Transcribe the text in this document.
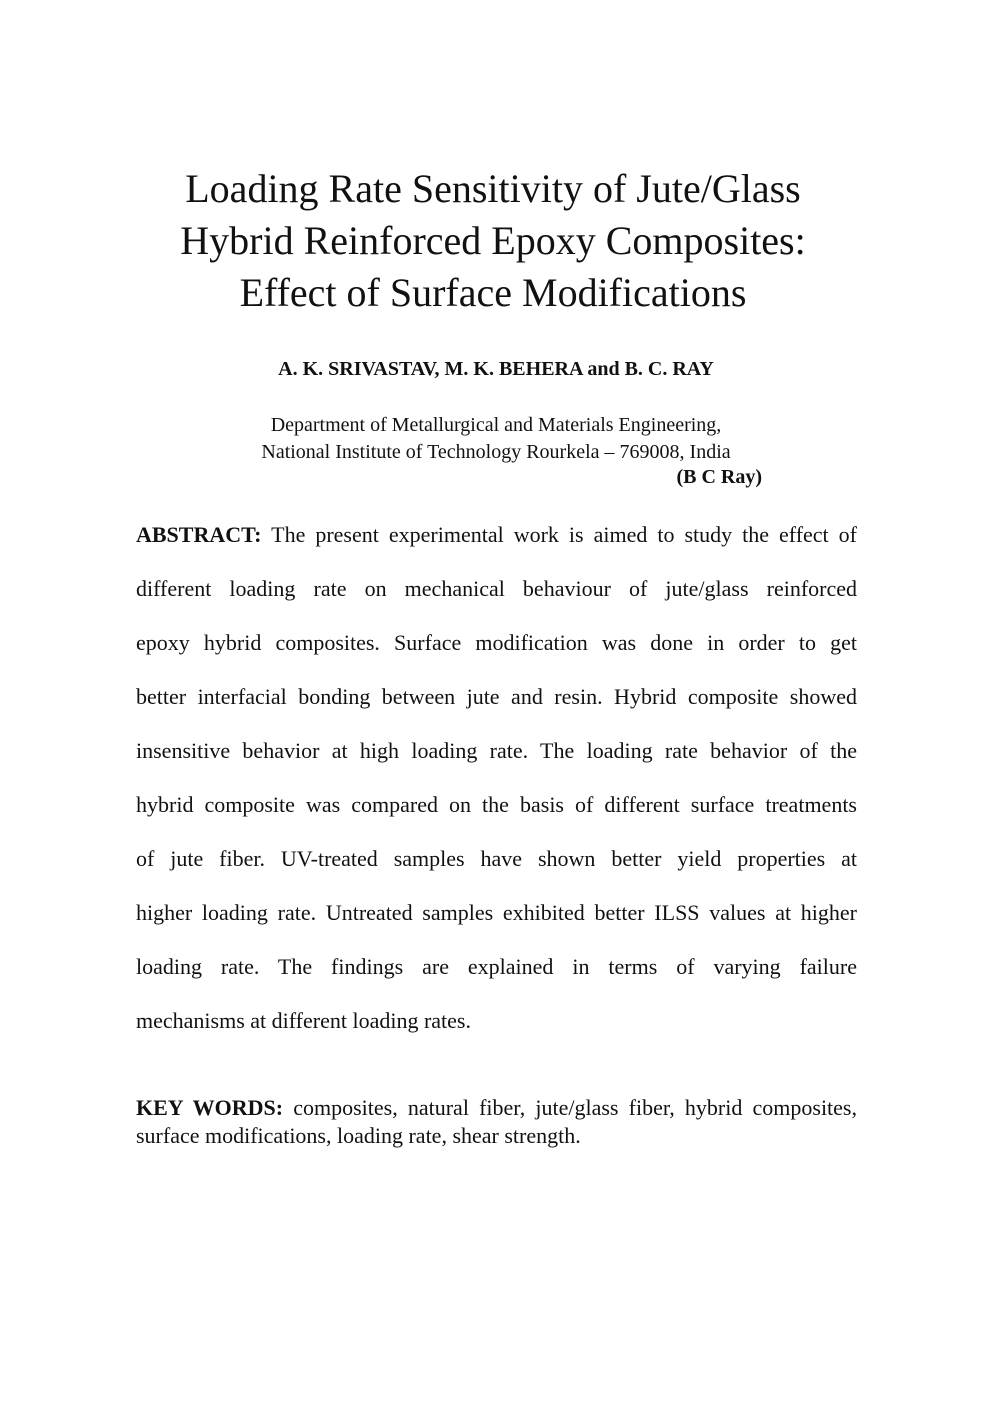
Loading Rate Sensitivity of Jute/Glass
Hybrid Reinforced Epoxy Composites:
Effect of Surface Modifications
A. K. SRIVASTAV, M. K. BEHERA and B. C. RAY
Department of Metallurgical and Materials Engineering,
National Institute of Technology Rourkela – 769008, India
(B C Ray)
ABSTRACT: The present experimental work is aimed to study the effect of
different loading rate on mechanical behaviour of jute/glass reinforced
epoxy hybrid composites. Surface modification was done in order to get
better interfacial bonding between jute and resin. Hybrid composite showed
insensitive behavior at high loading rate. The loading rate behavior of the
hybrid composite was compared on the basis of different surface treatments
of jute fiber. UV-treated samples have shown better yield properties at
higher loading rate. Untreated samples exhibited better ILSS values at higher
loading rate. The findings are explained in terms of varying failure
mechanisms at different loading rates.
KEY WORDS: composites, natural fiber, jute/glass fiber, hybrid composites, surface modifications, loading rate, shear strength.
